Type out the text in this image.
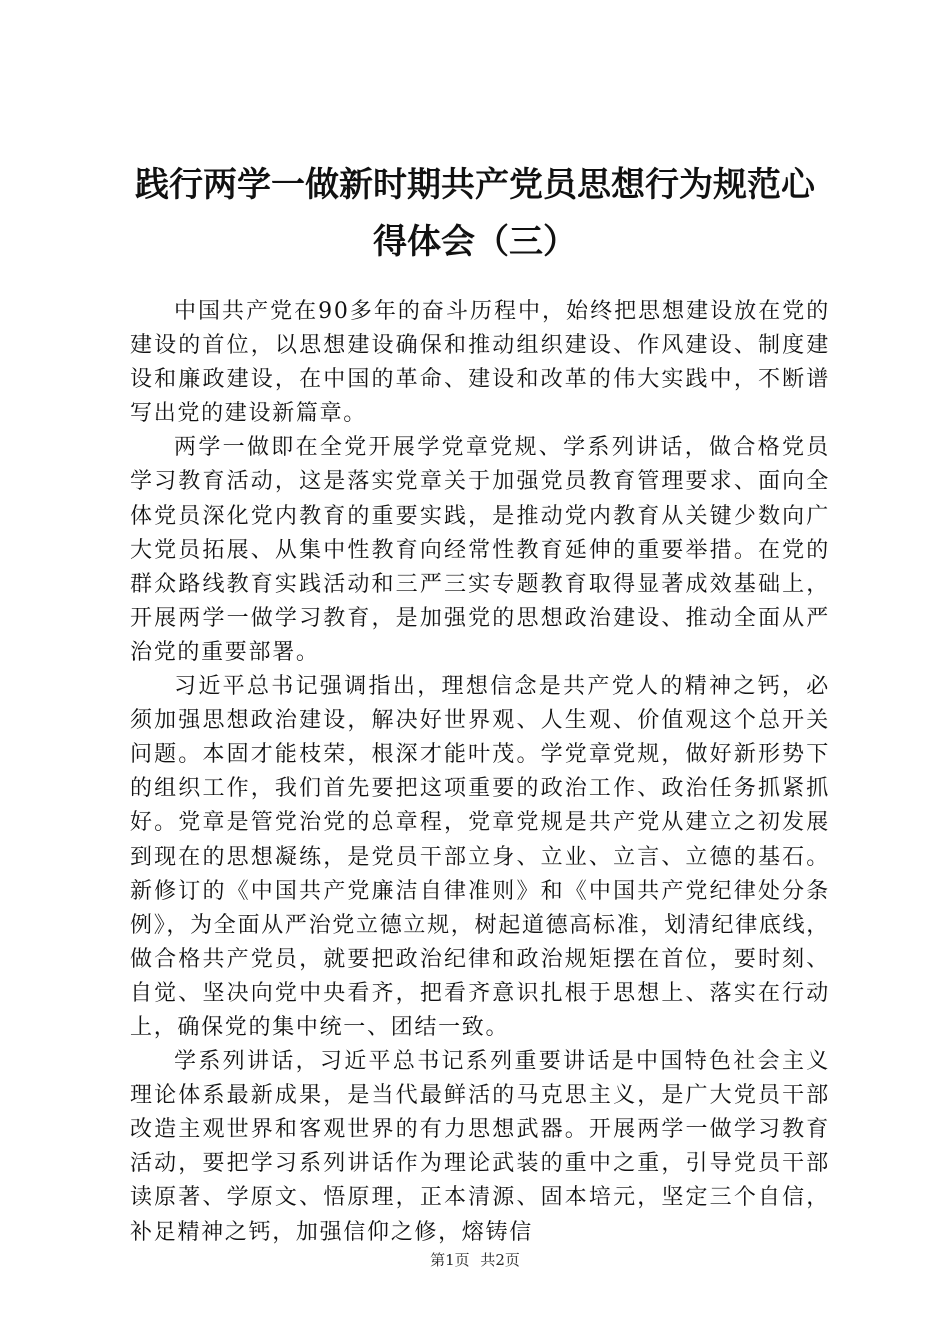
践行两学一做新时期共产党员思想行为规范心
得体会（三）

中国共产党在90多年的奋斗历程中，始终把思想建设放在党的建设的首位，以思想建设确保和推动组织建设、作风建设、制度建设和廉政建设，在中国的革命、建设和改革的伟大实践中，不断谱写出党的建设新篇章。

两学一做即在全党开展学党章党规、学系列讲话，做合格党员学习教育活动，这是落实党章关于加强党员教育管理要求、面向全体党员深化党内教育的重要实践，是推动党内教育从关键少数向广大党员拓展、从集中性教育向经常性教育延伸的重要举措。在党的群众路线教育实践活动和三严三实专题教育取得显著成效基础上，开展两学一做学习教育，是加强党的思想政治建设、推动全面从严治党的重要部署。

习近平总书记强调指出，理想信念是共产党人的精神之钙，必须加强思想政治建设，解决好世界观、人生观、价值观这个总开关问题。本固才能枝荣，根深才能叶茂。学党章党规，做好新形势下的组织工作，我们首先要把这项重要的政治工作、政治任务抓紧抓好。党章是管党治党的总章程，党章党规是共产党从建立之初发展到现在的思想凝练，是党员干部立身、立业、立言、立德的基石。新修订的《中国共产党廉洁自律准则》和《中国共产党纪律处分条例》，为全面从严治党立德立规，树起道德高标准，划清纪律底线，做合格共产党员，就要把政治纪律和政治规矩摆在首位，要时刻、自觉、坚决向党中央看齐，把看齐意识扎根于思想上、落实在行动上，确保党的集中统一、团结一致。

学系列讲话，习近平总书记系列重要讲话是中国特色社会主义理论体系最新成果，是当代最鲜活的马克思主义，是广大党员干部改造主观世界和客观世界的有力思想武器。开展两学一做学习教育活动，要把学习系列讲话作为理论武装的重中之重，引导党员干部读原著、学原文、悟原理，正本清源、固本培元，坚定三个自信，补足精神之钙，加强信仰之修，熔铸信

第1页 共2页
